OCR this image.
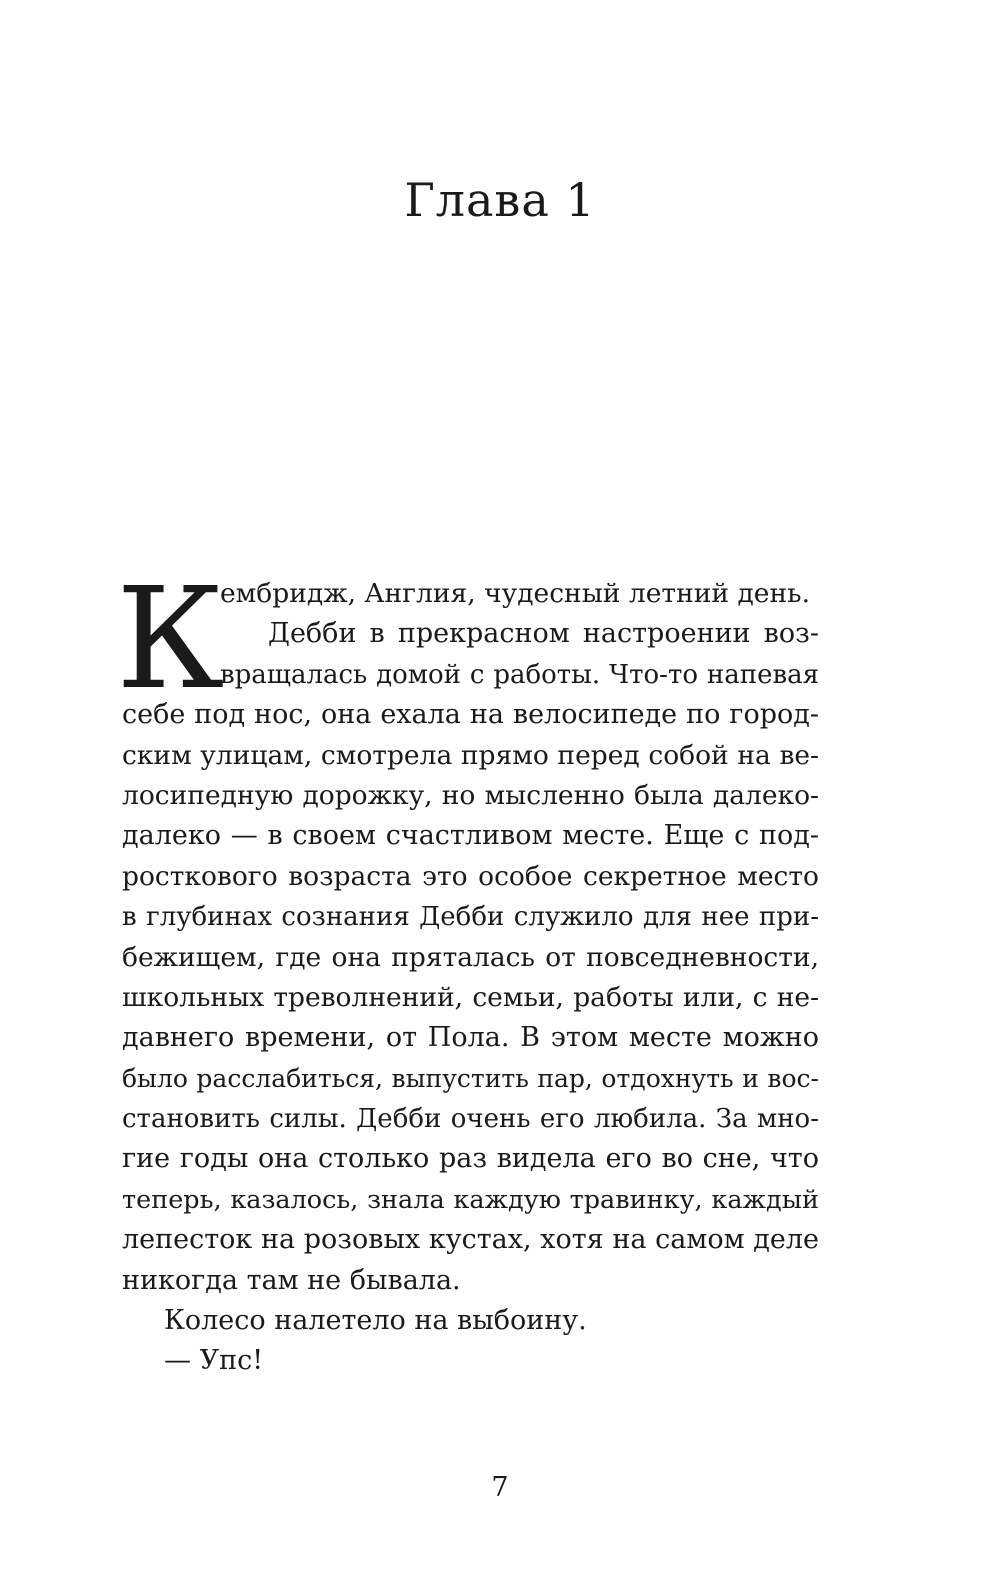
Глава 1
К
ембридж, Англия, чудесный летний день.
Дебби в прекрасном настроении воз-
вращалась домой с работы. Что-то напевая
себе под нос, она ехала на велосипеде по город-
ским улицам, смотрела прямо перед собой на ве-
лосипедную дорожку, но мысленно была далеко-
далеко — в своем счастливом месте. Еще с под-
росткового возраста это особое секретное место
в глубинах сознания Дебби служило для нее при-
бежищем, где она пряталась от повседневности,
школьных треволнений, семьи, работы или, с не-
давнего времени, от Пола. В этом месте можно
было расслабиться, выпустить пар, отдохнуть и вос-
становить силы. Дебби очень его любила. За мно-
гие годы она столько раз видела его во сне, что
теперь, казалось, знала каждую травинку, каждый
лепесток на розовых кустах, хотя на самом деле
никогда там не бывала.
Колесо налетело на выбоину.
— Упс!
7
